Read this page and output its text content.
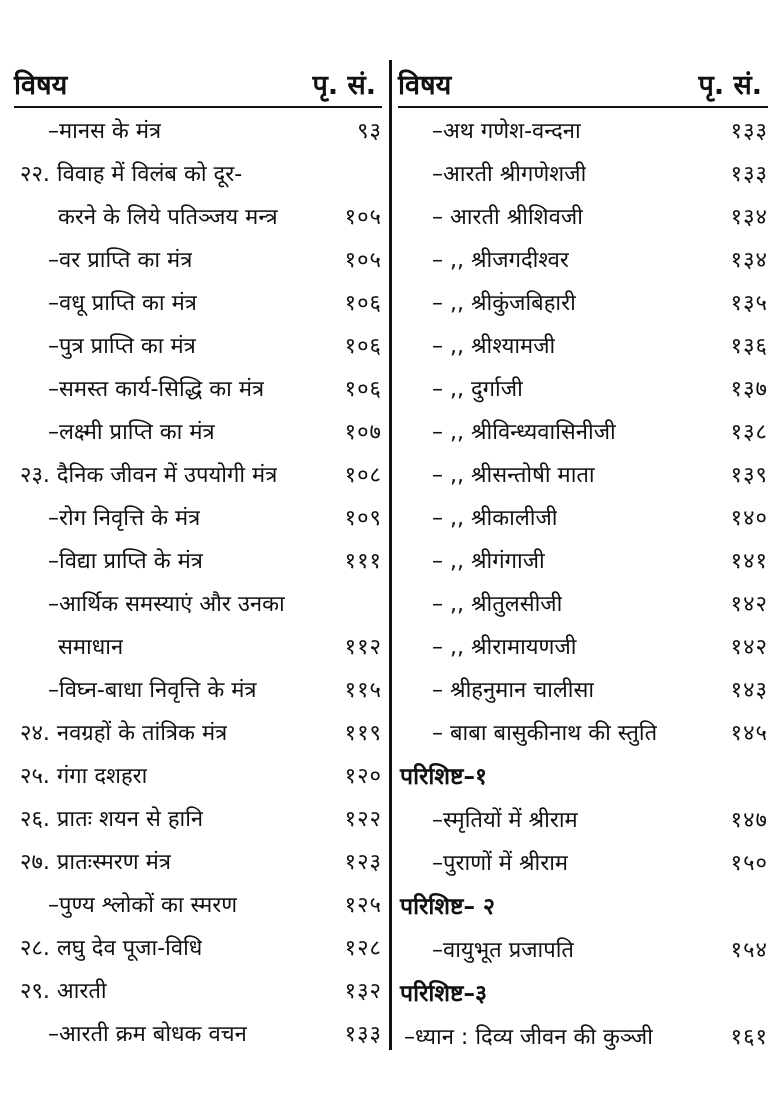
विषय	पृ. सं.
–मानस के मंत्र	९३
२२. विवाह में विलंब को दूर-
करने के लिये पतिञ्जय मन्त्र	१०५
–वर प्राप्ति का मंत्र	१०५
–वधू प्राप्ति का मंत्र	१०६
–पुत्र प्राप्ति का मंत्र	१०६
–समस्त कार्य-सिद्धि का मंत्र	१०६
–लक्ष्मी प्राप्ति का मंत्र	१०७
२३. दैनिक जीवन में उपयोगी मंत्र	१०८
–रोग निवृत्ति के मंत्र	१०९
–विद्या प्राप्ति के मंत्र	१११
–आर्थिक समस्याएं और उनका
समाधान	११२
–विघ्न-बाधा निवृत्ति के मंत्र	११५
२४. नवग्रहों के तांत्रिक मंत्र	११९
२५. गंगा दशहरा	१२०
२६. प्रातः शयन से हानि	१२२
२७. प्रातःस्मरण मंत्र	१२३
–पुण्य श्लोकों का स्मरण	१२५
२८. लघु देव पूजा-विधि	१२८
२९. आरती	१३२
–आरती क्रम बोधक वचन	१३३
विषय	पृ. सं.
–अथ गणेश-वन्दना	१३३
–आरती श्रीगणेशजी	१३३
– आरती श्रीशिवजी	१३४
– ,, श्रीजगदीश्वर	१३४
– ,, श्रीकुंजबिहारी	१३५
– ,, श्रीश्यामजी	१३६
– ,, दुर्गाजी	१३७
– ,, श्रीविन्ध्यवासिनीजी	१३८
– ,, श्रीसन्तोषी माता	१३९
– ,, श्रीकालीजी	१४०
– ,, श्रीगंगाजी	१४१
– ,, श्रीतुलसीजी	१४२
– ,, श्रीरामायणजी	१४२
– श्रीहनुमान चालीसा	१४३
– बाबा बासुकीनाथ की स्तुति	१४५
परिशिष्ट–१
–स्मृतियों में श्रीराम	१४७
–पुराणों में श्रीराम	१५०
परिशिष्ट– २
–वायुभूत प्रजापति	१५४
परिशिष्ट–३
–ध्यान : दिव्य जीवन की कुञ्जी	१६१
